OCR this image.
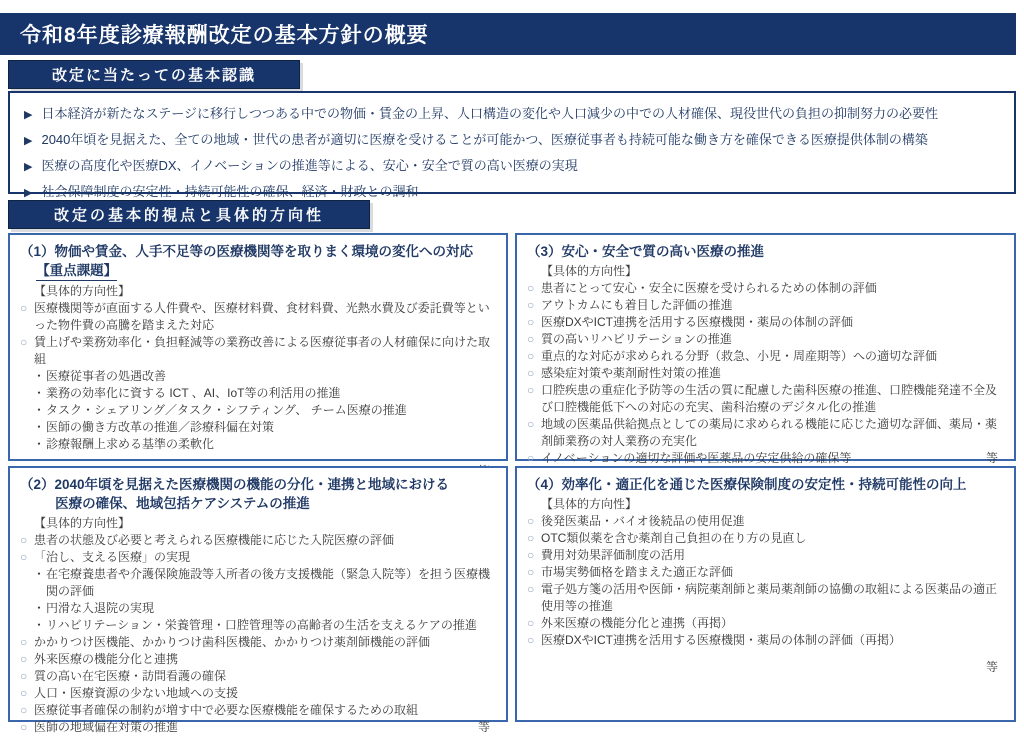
令和8年度診療報酬改定の基本方針の概要
改定に当たっての基本認識
▶ 日本経済が新たなステージに移行しつつある中での物価・賃金の上昇、人口構造の変化や人口減少の中での人材確保、現役世代の負担の抑制努力の必要性
▶ 2040年頃を見据えた、全ての地域・世代の患者が適切に医療を受けることが可能かつ、医療従事者も持続可能な働き方を確保できる医療提供体制の構築
▶ 医療の高度化や医療DX、イノベーションの推進等による、安心・安全で質の高い医療の実現
▶ 社会保障制度の安定性・持続可能性の確保、経済・財政との調和
改定の基本的視点と具体的方向性
（1）物価や賃金、人手不足等の医療機関等を取りまく環境の変化への対応
【重点課題】
【具体的方向性】
○ 医療機関等が直面する人件費や、医療材料費、食材料費、光熱水費及び委託費等といった物件費の高騰を踏まえた対応
○ 賃上げや業務効率化・負担軽減等の業務改善による医療従事者の人材確保に向けた取組
・ 医療従事者の処遇改善
・ 業務の効率化に資する ICT 、AI、IoT等の利活用の推進
・ タスク・シェアリング／タスク・シフティング、 チーム医療の推進
・ 医師の働き方改革の推進／診療科偏在対策
・ 診療報酬上求める基準の柔軟化
（3）安心・安全で質の高い医療の推進
【具体的方向性】
○ 患者にとって安心・安全に医療を受けられるための体制の評価
○ アウトカムにも着目した評価の推進
○ 医療DXやICT連携を活用する医療機関・薬局の体制の評価
○ 質の高いリハビリテーションの推進
○ 重点的な対応が求められる分野（救急、小児・周産期等）への適切な評価
○ 感染症対策や薬剤耐性対策の推進
○ 口腔疾患の重症化予防等の生活の質に配慮した歯科医療の推進、口腔機能発達不全及び口腔機能低下への対応の充実、歯科治療のデジタル化の推進
○ 地域の医薬品供給拠点としての薬局に求められる機能に応じた適切な評価、薬局・薬剤師業務の対人業務の充実化
○ イノベーションの適切な評価や医薬品の安定供給の確保等	等
（2）2040年頃を見据えた医療機関の機能の分化・連携と地域における
医療の確保、地域包括ケアシステムの推進
【具体的方向性】
○ 患者の状態及び必要と考えられる医療機能に応じた入院医療の評価
○ 「治し、支える医療」の実現
・ 在宅療養患者や介護保険施設等入所者の後方支援機能（緊急入院等）を担う医療機関の評価
・ 円滑な入退院の実現
・ リハビリテーション・栄養管理・口腔管理等の高齢者の生活を支えるケアの推進
○ かかりつけ医機能、かかりつけ歯科医機能、かかりつけ薬剤師機能の評価
○ 外来医療の機能分化と連携
○ 質の高い在宅医療・訪問看護の確保
○ 人口・医療資源の少ない地域への支援
○ 医療従事者確保の制約が増す中で必要な医療機能を確保するための取組
○ 医師の地域偏在対策の推進	等
（4）効率化・適正化を通じた医療保険制度の安定性・持続可能性の向上
【具体的方向性】
○ 後発医薬品・バイオ後続品の使用促進
○ OTC類似薬を含む薬剤自己負担の在り方の見直し
○ 費用対効果評価制度の活用
○ 市場実勢価格を踏まえた適正な評価
○ 電子処方箋の活用や医師・病院薬剤師と薬局薬剤師の協働の取組による医薬品の適正使用等の推進
○ 外来医療の機能分化と連携（再掲）
○ 医療DXやICT連携を活用する医療機関・薬局の体制の評価（再掲）
等
